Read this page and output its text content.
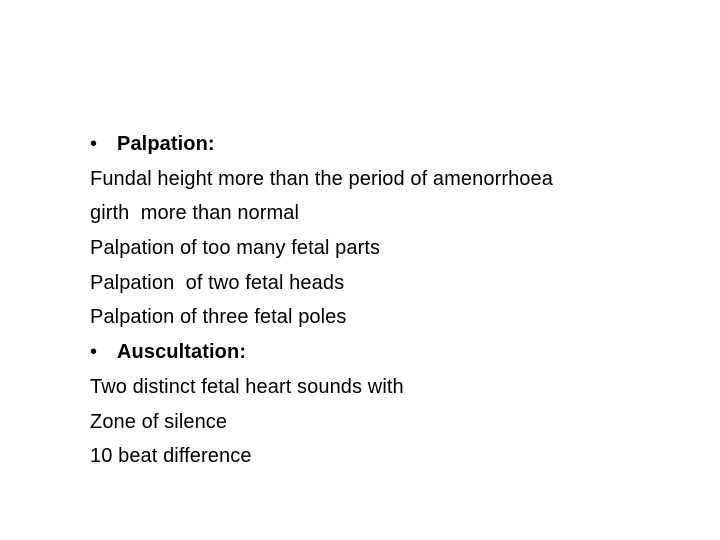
• Palpation:
Fundal height more than the period of amenorrhoea
girth  more than normal
Palpation of too many fetal parts
Palpation  of two fetal heads
Palpation of three fetal poles
• Auscultation:
Two distinct fetal heart sounds with
Zone of silence
10 beat difference
